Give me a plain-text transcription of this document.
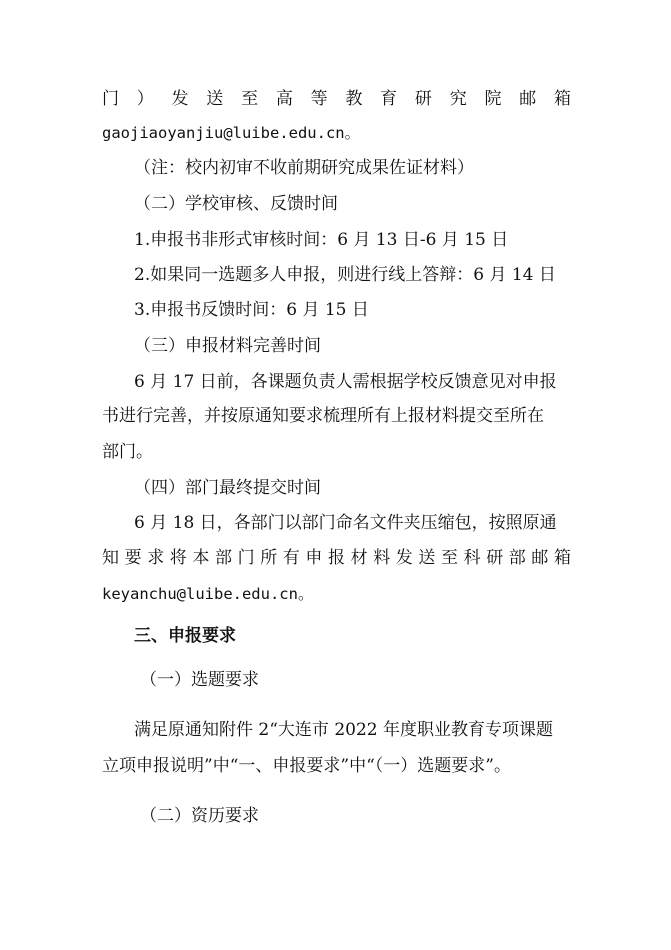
门 ） 发 送 至 高 等 教 育 研 究 院 邮 箱
gaojiaoyanjiu@luibe.edu.cn。
（注：校内初审不收前期研究成果佐证材料）
（二）学校审核、反馈时间
1.申报书非形式审核时间：6 月 13 日-6 月 15 日
2.如果同一选题多人申报，则进行线上答辩：6 月 14 日
3.申报书反馈时间：6 月 15 日
（三）申报材料完善时间
6 月 17 日前，各课题负责人需根据学校反馈意见对申报
书进行完善，并按原通知要求梳理所有上报材料提交至所在
部门。
（四）部门最终提交时间
6 月 18 日，各部门以部门命名文件夹压缩包，按照原通
知 要 求 将 本 部 门 所 有 申 报 材 料 发 送 至 科 研 部 邮 箱
keyanchu@luibe.edu.cn。
三、申报要求
（一）选题要求
满足原通知附件 2“大连市 2022 年度职业教育专项课题
立项申报说明”中“一、申报要求”中“（一）选题要求”。
（二）资历要求
